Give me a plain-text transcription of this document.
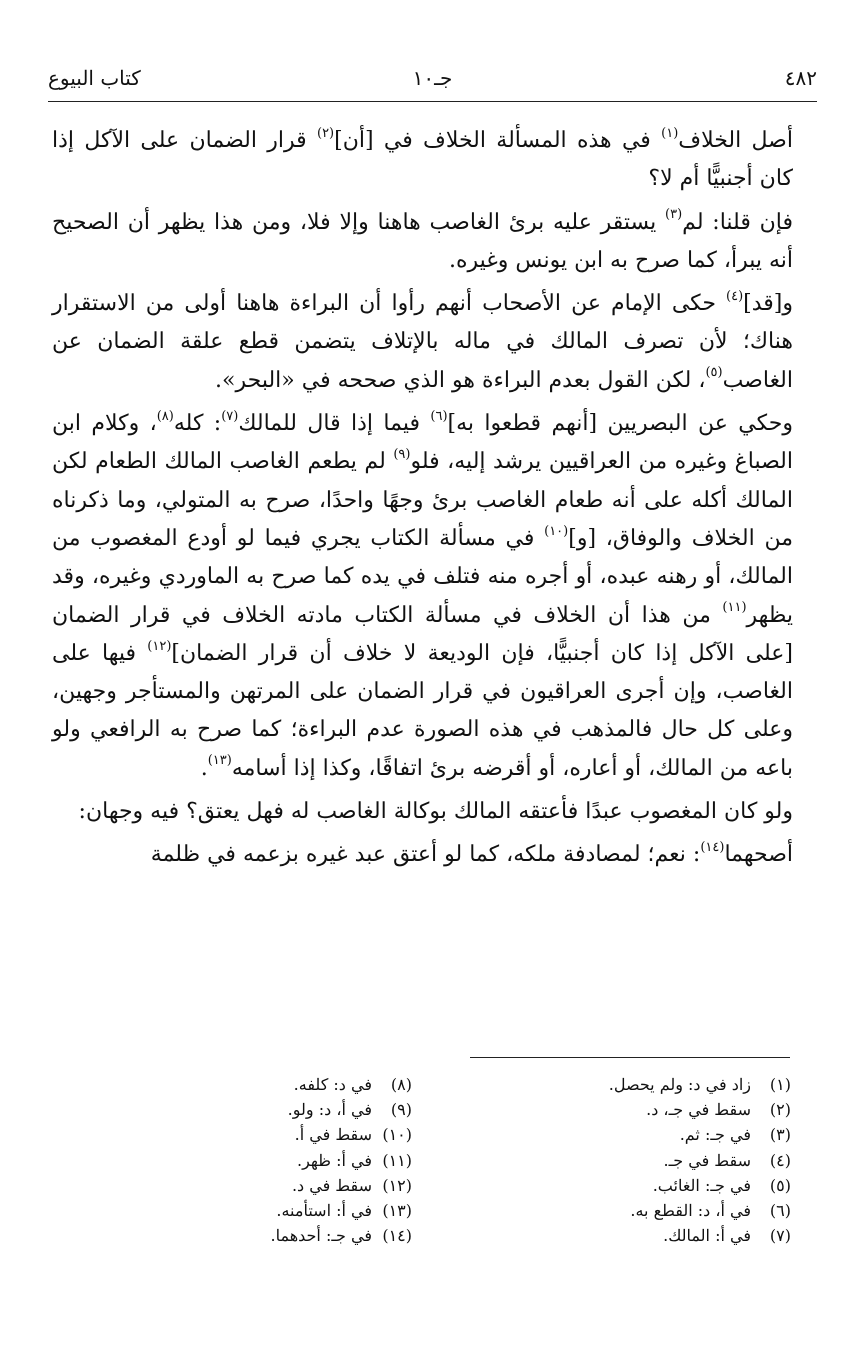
٤٨٢
جـ١٠
كتاب البيوع

أصل الخلاف$^{(١)}$ في هذه المسألة الخلاف في [أن]$^{(٢)}$ قرار الضمان على الآكل إذا كان أجنبيًّا أم لا؟

فإن قلنا: لم$^{(٣)}$ يستقر عليه برئ الغاصب هاهنا وإلا فلا، ومن هذا يظهر أن الصحيح أنه يبرأ، كما صرح به ابن يونس وغيره.

و[قد]$^{(٤)}$ حكى الإمام عن الأصحاب أنهم رأوا أن البراءة هاهنا أولى من الاستقرار هناك؛ لأن تصرف المالك في ماله بالإتلاف يتضمن قطع علقة الضمان عن الغاصب$^{(٥)}$، لكن القول بعدم البراءة هو الذي صححه في «البحر».

وحكي عن البصريين [أنهم قطعوا به]$^{(٦)}$ فيما إذا قال للمالك$^{(٧)}$: كله$^{(٨)}$، وكلام ابن الصباغ وغيره من العراقيين يرشد إليه، فلو$^{(٩)}$ لم يطعم الغاصب المالك الطعام لكن المالك أكله على أنه طعام الغاصب برئ وجهًا واحدًا، صرح به المتولي، وما ذكرناه من الخلاف والوفاق، [و]$^{(١٠)}$ في مسألة الكتاب يجري فيما لو أودع المغصوب من المالك، أو رهنه عبده، أو أجره منه فتلف في يده كما صرح به الماوردي وغيره، وقد يظهر$^{(١١)}$ من هذا أن الخلاف في مسألة الكتاب مادته الخلاف في قرار الضمان [على الآكل إذا كان أجنبيًّا، فإن الوديعة لا خلاف أن قرار الضمان]$^{(١٢)}$ فيها على الغاصب، وإن أجرى العراقيون في قرار الضمان على المرتهن والمستأجر وجهين، وعلى كل حال فالمذهب في هذه الصورة عدم البراءة؛ كما صرح به الرافعي ولو باعه من المالك، أو أعاره، أو أقرضه برئ اتفاقًا، وكذا إذا أسامه$^{(١٣)}$.

ولو كان المغصوب عبدًا فأعتقه المالك بوكالة الغاصب له فهل يعتق؟ فيه وجهان:

أصحهما$^{(١٤)}$: نعم؛ لمصادفة ملكه، كما لو أعتق عبد غيره بزعمه في ظلمة

(١)زاد في د: ولم يحصل.
(٢)سقط في جـ، د.
(٣)في جـ: ثم.
(٤)سقط في جـ.
(٥)في جـ: الغائب.
(٦)في أ، د: القطع به.
(٧)في أ: المالك.
(٨)في د: كلفه.
(٩)في أ، د: ولو.
(١٠)سقط في أ.
(١١)في أ: ظهر.
(١٢)سقط في د.
(١٣)في أ: استأمنه.
(١٤)في جـ: أحدهما.
